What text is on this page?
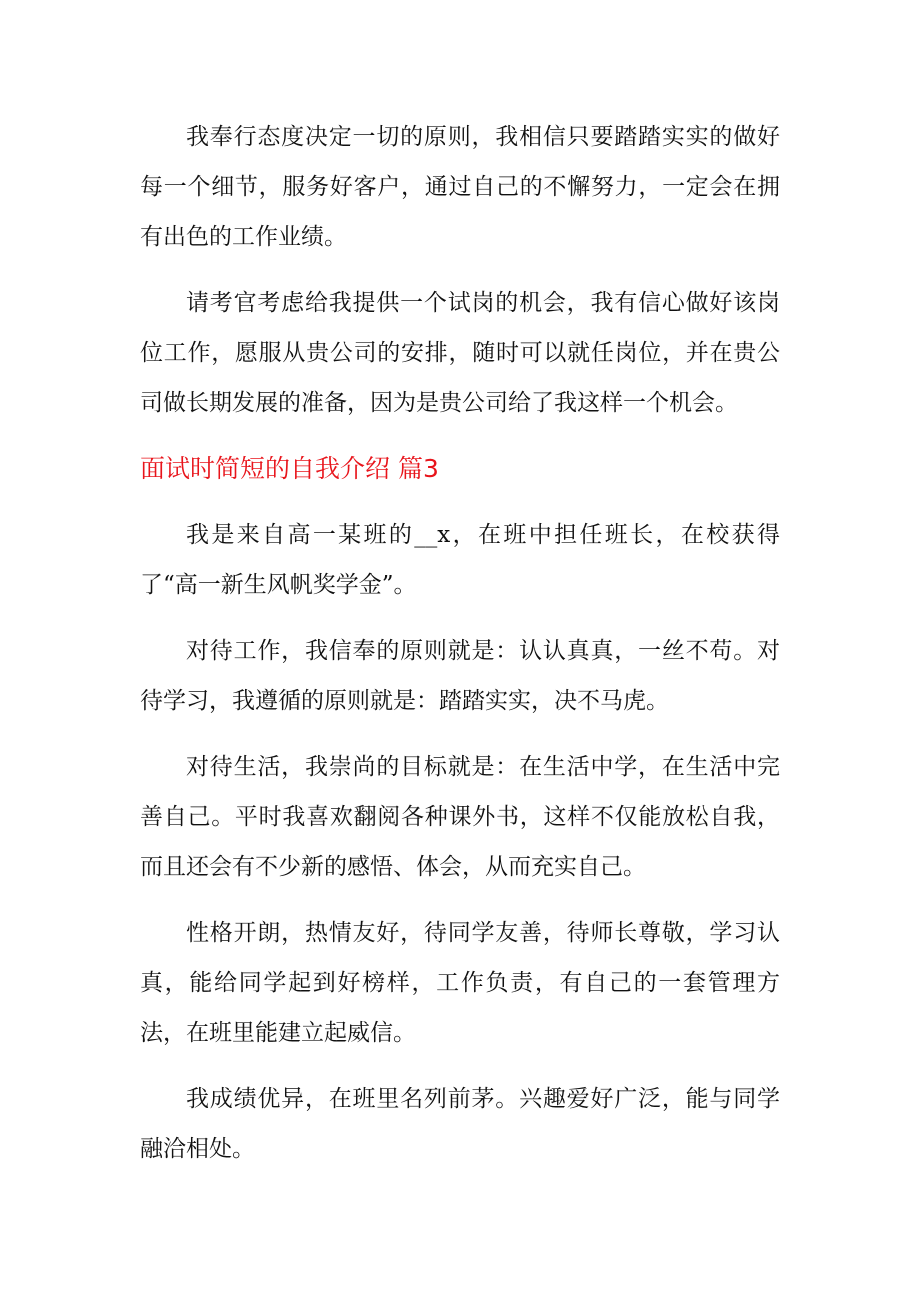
我奉行态度决定一切的原则，我相信只要踏踏实实的做好每一个细节，服务好客户，通过自己的不懈努力，一定会在拥有出色的工作业绩。

请考官考虑给我提供一个试岗的机会，我有信心做好该岗位工作，愿服从贵公司的安排，随时可以就任岗位，并在贵公司做长期发展的准备，因为是贵公司给了我这样一个机会。

面试时简短的自我介绍 篇3

我是来自高一某班的__x，在班中担任班长，在校获得了“高一新生风帆奖学金”。

对待工作，我信奉的原则就是：认认真真，一丝不苟。对待学习，我遵循的原则就是：踏踏实实，决不马虎。

对待生活，我崇尚的目标就是：在生活中学，在生活中完善自己。平时我喜欢翻阅各种课外书，这样不仅能放松自我，而且还会有不少新的感悟、体会，从而充实自己。

性格开朗，热情友好，待同学友善，待师长尊敬，学习认真，能给同学起到好榜样，工作负责，有自己的一套管理方法，在班里能建立起威信。

我成绩优异，在班里名列前茅。兴趣爱好广泛，能与同学融洽相处。
